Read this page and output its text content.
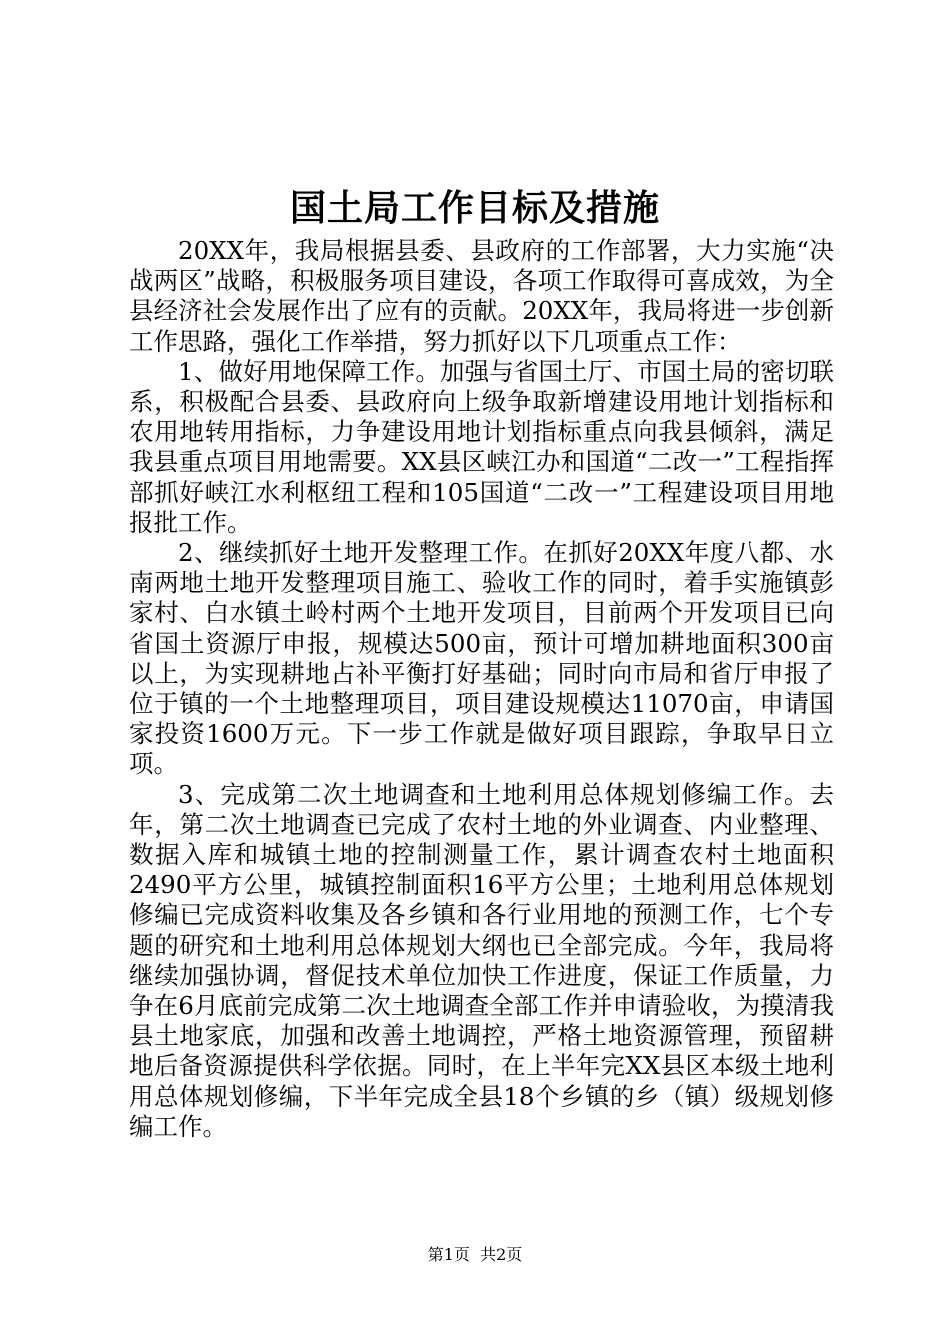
国土局工作目标及措施

20XX年，我局根据县委、县政府的工作部署，大力实施“决战两区”战略，积极服务项目建设，各项工作取得可喜成效，为全县经济社会发展作出了应有的贡献。20XX年，我局将进一步创新工作思路，强化工作举措，努力抓好以下几项重点工作：

1、做好用地保障工作。加强与省国土厅、市国土局的密切联系，积极配合县委、县政府向上级争取新增建设用地计划指标和农用地转用指标，力争建设用地计划指标重点向我县倾斜，满足我县重点项目用地需要。XX县区峡江办和国道“二改一”工程指挥部抓好峡江水利枢纽工程和105国道“二改一”工程建设项目用地报批工作。

2、继续抓好土地开发整理工作。在抓好20XX年度八都、水南两地土地开发整理项目施工、验收工作的同时，着手实施镇彭家村、白水镇土岭村两个土地开发项目，目前两个开发项目已向省国土资源厅申报，规模达500亩，预计可增加耕地面积300亩以上，为实现耕地占补平衡打好基础；同时向市局和省厅申报了位于镇的一个土地整理项目，项目建设规模达11070亩，申请国家投资1600万元。下一步工作就是做好项目跟踪，争取早日立项。

3、完成第二次土地调查和土地利用总体规划修编工作。去年，第二次土地调查已完成了农村土地的外业调查、内业整理、数据入库和城镇土地的控制测量工作，累计调查农村土地面积2490平方公里，城镇控制面积16平方公里；土地利用总体规划修编已完成资料收集及各乡镇和各行业用地的预测工作，七个专题的研究和土地利用总体规划大纲也已全部完成。今年，我局将继续加强协调，督促技术单位加快工作进度，保证工作质量，力争在6月底前完成第二次土地调查全部工作并申请验收，为摸清我县土地家底，加强和改善土地调控，严格土地资源管理，预留耕地后备资源提供科学依据。同时，在上半年完XX县区本级土地利用总体规划修编，下半年完成全县18个乡镇的乡（镇）级规划修编工作。

第1页 共2页
